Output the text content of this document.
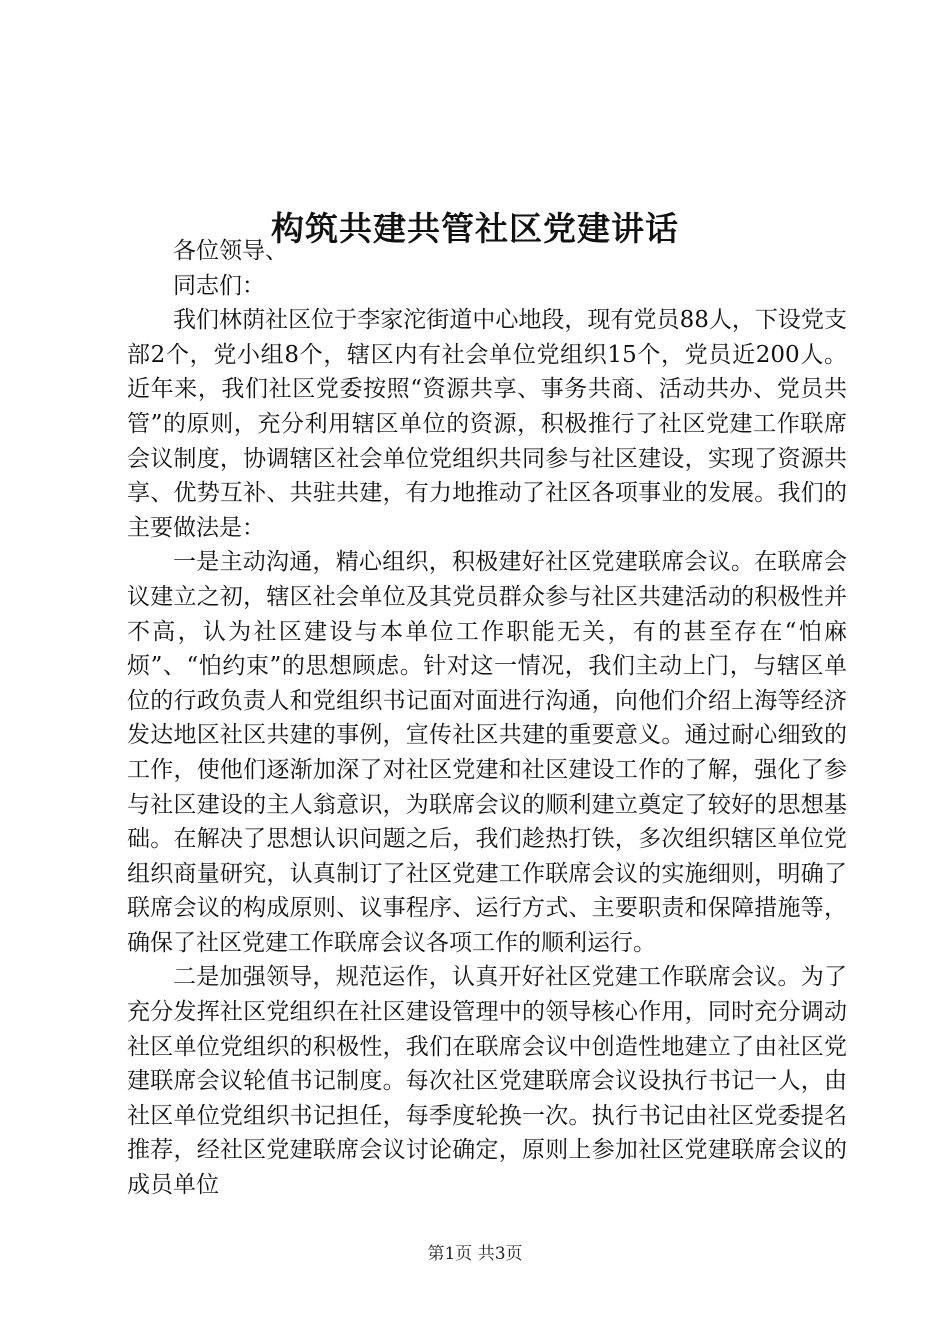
构筑共建共管社区党建讲话

各位领导、

同志们：

我们林荫社区位于李家沱街道中心地段，现有党员88人，下设党支部2个，党小组8个，辖区内有社会单位党组织15个，党员近200人。近年来，我们社区党委按照“资源共享、事务共商、活动共办、党员共管”的原则，充分利用辖区单位的资源，积极推行了社区党建工作联席会议制度，协调辖区社会单位党组织共同参与社区建设，实现了资源共享、优势互补、共驻共建，有力地推动了社区各项事业的发展。我们的主要做法是：

一是主动沟通，精心组织，积极建好社区党建联席会议。在联席会议建立之初，辖区社会单位及其党员群众参与社区共建活动的积极性并不高，认为社区建设与本单位工作职能无关，有的甚至存在“怕麻烦”、“怕约束”的思想顾虑。针对这一情况，我们主动上门，与辖区单位的行政负责人和党组织书记面对面进行沟通，向他们介绍上海等经济发达地区社区共建的事例，宣传社区共建的重要意义。通过耐心细致的工作，使他们逐渐加深了对社区党建和社区建设工作的了解，强化了参与社区建设的主人翁意识，为联席会议的顺利建立奠定了较好的思想基础。在解决了思想认识问题之后，我们趁热打铁，多次组织辖区单位党组织商量研究，认真制订了社区党建工作联席会议的实施细则，明确了联席会议的构成原则、议事程序、运行方式、主要职责和保障措施等，确保了社区党建工作联席会议各项工作的顺利运行。

二是加强领导，规范运作，认真开好社区党建工作联席会议。为了充分发挥社区党组织在社区建设管理中的领导核心作用，同时充分调动社区单位党组织的积极性，我们在联席会议中创造性地建立了由社区党建联席会议轮值书记制度。每次社区党建联席会议设执行书记一人，由社区单位党组织书记担任，每季度轮换一次。执行书记由社区党委提名推荐，经社区党建联席会议讨论确定，原则上参加社区党建联席会议的成员单位

第1页 共3页
